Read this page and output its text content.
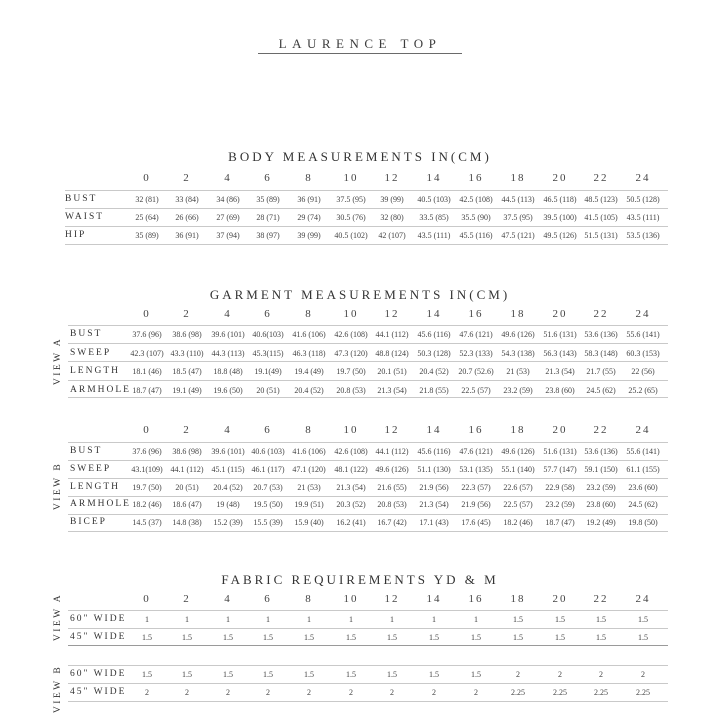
LAURENCE TOP
BODY MEASUREMENTS IN(CM)
GARMENT MEASUREMENTS IN(CM)
FABRIC REQUIREMENTS YD & M
0	2	4	6	8	10	12	14	16	18	20	22	24
BUST	32 (81)	33 (84)	34 (86)	35 (89)	36 (91)	37.5 (95)	39 (99)	40.5 (103)	42.5 (108)	44.5 (113)	46.5 (118) 48.5 (123)	50.5 (128)
WAIST	25 (64)	26 (66)	27 (69)	28 (71)	29 (74)	30.5 (76)	32 (80)	33.5 (85)	35.5 (90)	37.5 (95)	39.5 (100) 41.5 (105)	43.5 (111)
HIP	35 (89)	36 (91)	37 (94)	38 (97)	39 (99)	40.5 (102)	42 (107)	43.5 (111)	45.5 (116)	47.5 (121)	49.5 (126) 51.5 (131)	53.5 (136)
0	2	4	6	8	10	12	14	16	18	20	22	24
BUST	37.6 (96)	38.6 (98)	39.6 (101) 40.6(103)	41.6 (106)	42.6 (108) 44.1 (112)	45.6 (116)	47.6 (121)	49.6 (126)	51.6 (131) 53.6 (136)	55.6 (141)
SWEEP	42.3 (107) 43.3 (110) 44.3 (113) 45.3(115)	46.3 (118)	47.3 (120) 48.8 (124)	50.3 (128)	52.3 (133)	54.3 (138)	56.3 (143) 58.3 (148)	60.3 (153)
LENGTH	18.1 (46)	18.5 (47)	18.8 (48)	19.1(49)	19.4 (49)	19.7 (50)	20.1 (51)	20.4 (52)	20.7 (52.6)	21 (53)	21.3 (54)	21.7 (55)	22 (56)
ARMHOLE 18.7 (47)	19.1 (49)	19.6 (50)	20 (51)	20.4 (52)	20.8 (53)	21.3 (54)	21.8 (55)	22.5 (57)	23.2 (59)	23.8 (60)	24.5 (62)	25.2 (65)
VIEW A
0	2	4	6	8	10	12	14	16	18	20	22	24
BUST	37.6 (96)	38.6 (98)	39.6 (101) 40.6 (103) 41.6 (106)	42.6 (108) 44.1 (112)	45.6 (116)	47.6 (121)	49.6 (126)	51.6 (131) 53.6 (136)	55.6 (141)
SWEEP	43.1(109) 44.1 (112) 45.1 (115) 46.1 (117) 47.1 (120)	48.1 (122) 49.6 (126)	51.1 (130)	53.1 (135)	55.1 (140)	57.7 (147) 59.1 (150)	61.1 (155)
LENGTH	19.7 (50)	20 (51)	20.4 (52)	20.7 (53)	21 (53)	21.3 (54)	21.6 (55)	21.9 (56)	22.3 (57)	22.6 (57)	22.9 (58)	23.2 (59)	23.6 (60)
ARMHOLE 18.2 (46)	18.6 (47)	19 (48)	19.5 (50)	19.9 (51)	20.3 (52)	20.8 (53)	21.3 (54)	21.9 (56)	22.5 (57)	23.2 (59)	23.8 (60)	24.5 (62)
BICEP	14.5 (37)	14.8 (38)	15.2 (39)	15.5 (39)	15.9 (40)	16.2 (41)	16.7 (42)	17.1 (43)	17.6 (45)	18.2 (46)	18.7 (47)	19.2 (49)	19.8 (50)
VIEW B
0	2	4	6	8	10	12	14	16	18	20	22	24
60" WIDE	1	1	1	1	1	1	1	1	1	1.5	1.5	1.5	1.5
45" WIDE	1.5	1.5	1.5	1.5	1.5	1.5	1.5	1.5	1.5	1.5	1.5	1.5	1.5
VIEW A
60" WIDE	1.5	1.5	1.5	1.5	1.5	1.5	1.5	1.5	1.5	2	2	2	2
45" WIDE	2	2	2	2	2	2	2	2	2	2.25	2.25	2.25	2.25
VIEW B
